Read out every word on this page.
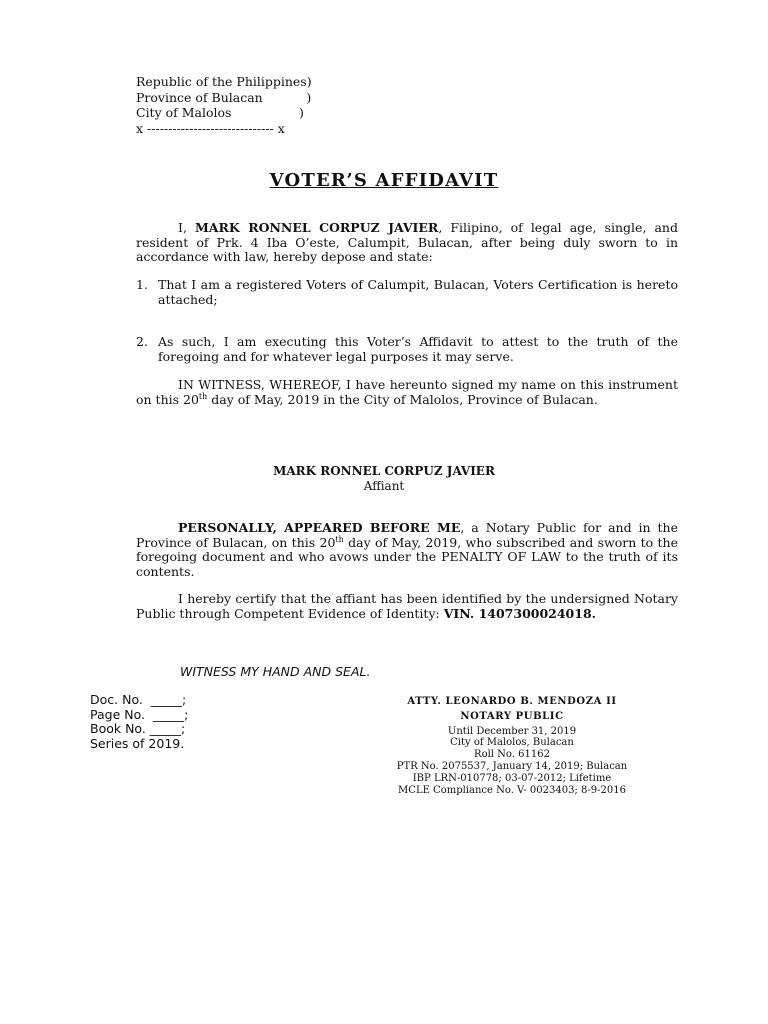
Republic of the Philippines)
Province of Bulacan           )
City of Malolos                 )
x ------------------------------ x
VOTER’S AFFIDAVIT
I, MARK RONNEL CORPUZ JAVIER, Filipino, of legal age, single, and resident of Prk. 4 Iba O’este, Calumpit, Bulacan, after being duly sworn to in accordance with law, hereby depose and state:
1. That I am a registered Voters of Calumpit, Bulacan, Voters Certification is hereto attached;
2. As such, I am executing this Voter’s Affidavit to attest to the truth of the foregoing and for whatever legal purposes it may serve.
IN WITNESS, WHEREOF, I have hereunto signed my name on this instrument on this 20th day of May, 2019 in the City of Malolos, Province of Bulacan.
MARK RONNEL CORPUZ JAVIER
Affiant
PERSONALLY, APPEARED BEFORE ME, a Notary Public for and in the Province of Bulacan, on this 20th day of May, 2019, who subscribed and sworn to the foregoing document and who avows under the PENALTY OF LAW to the truth of its contents.
I hereby certify that the affiant has been identified by the undersigned Notary Public through Competent Evidence of Identity: VIN. 1407300024018.
WITNESS MY HAND AND SEAL.
Doc. No.  _____;
Page No.  _____;
Book No. _____;
Series of 2019.
ATTY. LEONARDO B. MENDOZA II
NOTARY PUBLIC
Until December 31, 2019
City of Malolos, Bulacan
Roll No. 61162
PTR No. 2075537, January 14, 2019; Bulacan
IBP LRN-010778; 03-07-2012; Lifetime
MCLE Compliance No. V- 0023403; 8-9-2016
